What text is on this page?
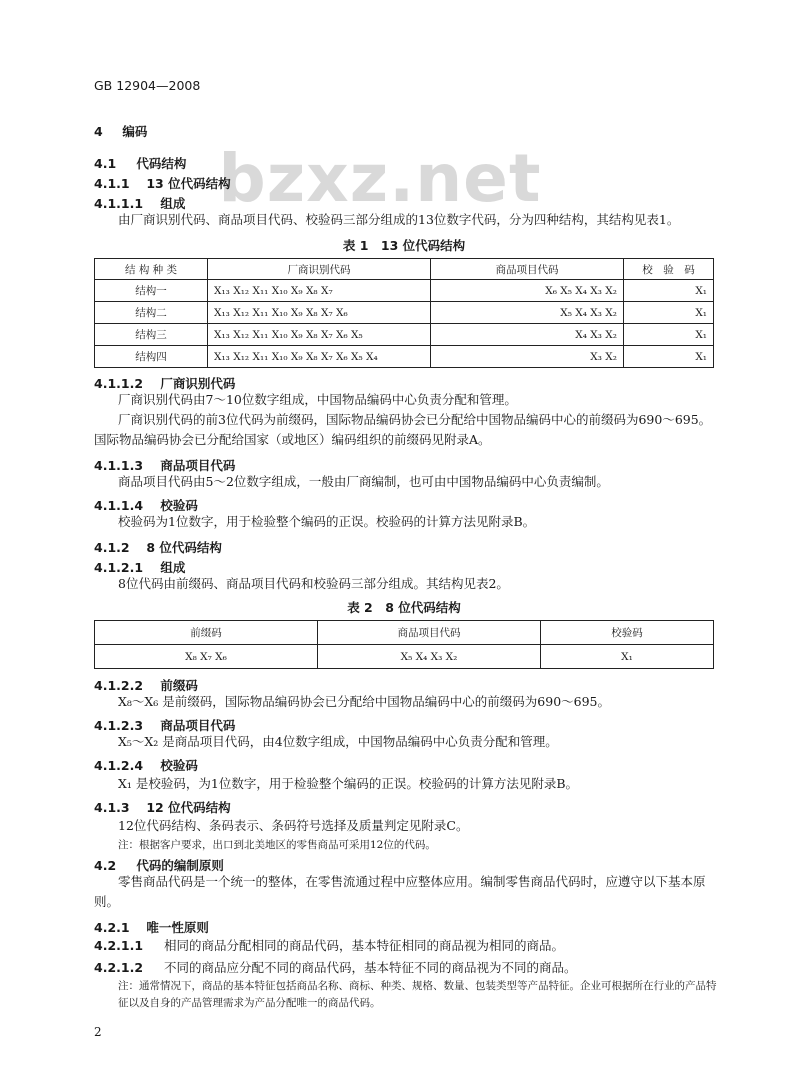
GB 12904—2008
bzxz.net
4 编码
4.1 代码结构
4.1.1 13 位代码结构
4.1.1.1 组成
由厂商识别代码、商品项目代码、校验码三部分组成的13位数字代码，分为四种结构，其结构见表1。
表 1　13 位代码结构
结 构 种 类	厂商识别代码	商品项目代码	校　验　码
结构一	X₁₃ X₁₂ X₁₁ X₁₀ X₉ X₈ X₇	X₆ X₅ X₄ X₃ X₂	X₁
结构二	X₁₃ X₁₂ X₁₁ X₁₀ X₉ X₈ X₇ X₆	X₅ X₄ X₃ X₂	X₁
结构三	X₁₃ X₁₂ X₁₁ X₁₀ X₉ X₈ X₇ X₆ X₅	X₄ X₃ X₂	X₁
结构四	X₁₃ X₁₂ X₁₁ X₁₀ X₉ X₈ X₇ X₆ X₅ X₄	X₃ X₂	X₁
4.1.1.2 厂商识别代码
厂商识别代码由7～10位数字组成，中国物品编码中心负责分配和管理。
厂商识别代码的前3位代码为前缀码，国际物品编码协会已分配给中国物品编码中心的前缀码为690～695。国际物品编码协会已分配给国家（或地区）编码组织的前缀码见附录A。
4.1.1.3 商品项目代码
商品项目代码由5～2位数字组成，一般由厂商编制，也可由中国物品编码中心负责编制。
4.1.1.4 校验码
校验码为1位数字，用于检验整个编码的正误。校验码的计算方法见附录B。
4.1.2 8 位代码结构
4.1.2.1 组成
8位代码由前缀码、商品项目代码和校验码三部分组成。其结构见表2。
表 2　8 位代码结构
前缀码	商品项目代码	校验码
X₈ X₇ X₆	X₅ X₄ X₃ X₂	X₁
4.1.2.2 前缀码
X₈～X₆ 是前缀码，国际物品编码协会已分配给中国物品编码中心的前缀码为690～695。
4.1.2.3 商品项目代码
X₅～X₂ 是商品项目代码，由4位数字组成，中国物品编码中心负责分配和管理。
4.1.2.4 校验码
X₁ 是校验码，为1位数字，用于检验整个编码的正误。校验码的计算方法见附录B。
4.1.3 12 位代码结构
12位代码结构、条码表示、条码符号选择及质量判定见附录C。
注：根据客户要求，出口到北美地区的零售商品可采用12位的代码。
4.2 代码的编制原则
零售商品代码是一个统一的整体，在零售流通过程中应整体应用。编制零售商品代码时，应遵守以下基本原则。
4.2.1 唯一性原则
4.2.1.1 相同的商品分配相同的商品代码，基本特征相同的商品视为相同的商品。
4.2.1.2 不同的商品应分配不同的商品代码，基本特征不同的商品视为不同的商品。
注：通常情况下，商品的基本特征包括商品名称、商标、种类、规格、数量、包装类型等产品特征。企业可根据所在行业的产品特征以及自身的产品管理需求为产品分配唯一的商品代码。
2
